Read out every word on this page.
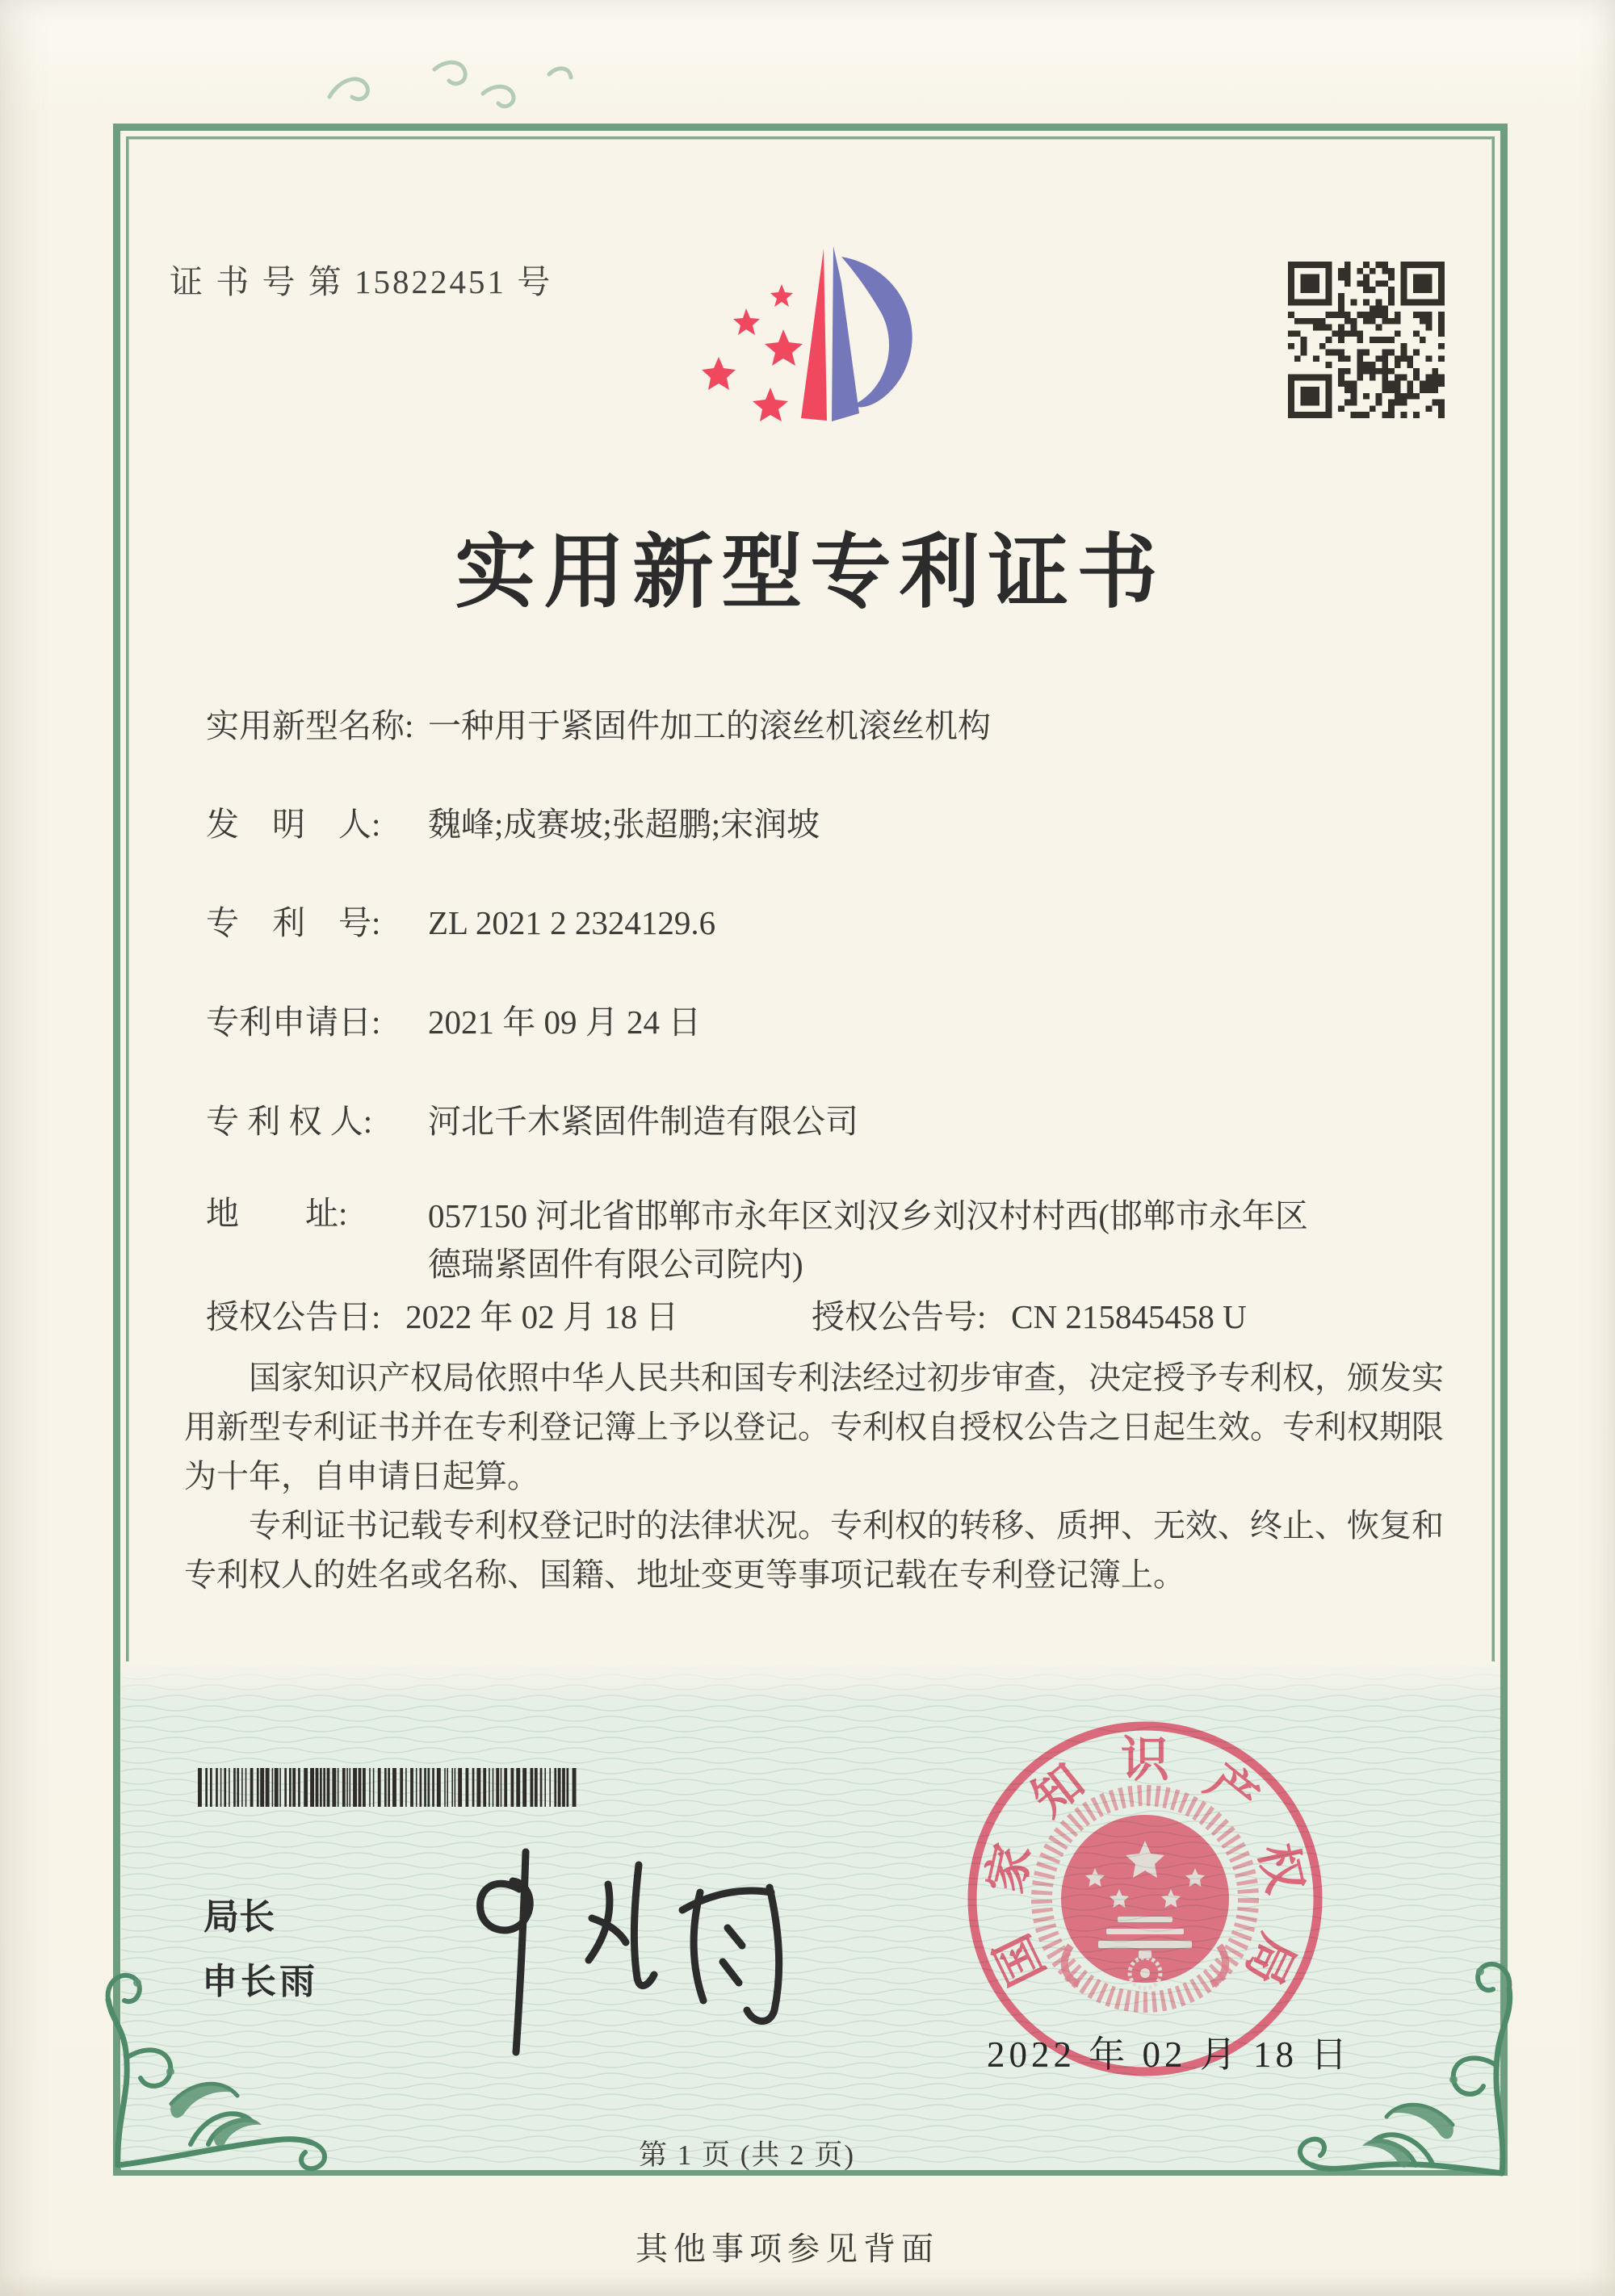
证 书 号 第 15822451 号
实用新型专利证书
实用新型名称: 一种用于紧固件加工的滚丝机滚丝机构
发　明　人:	魏峰;成赛坡;张超鹏;宋润坡
专　利　号:	ZL 2021 2 2324129.6
专利申请日:	2021 年 09 月 24 日
专 利 权 人:	河北千木紧固件制造有限公司
地　　址:	057150 河北省邯郸市永年区刘汉乡刘汉村村西(邯郸市永年区德瑞紧固件有限公司院内)
授权公告日: 2022 年 02 月 18 日	授权公告号: CN 215845458 U

国家知识产权局依照中华人民共和国专利法经过初步审查，决定授予专利权，颁发实用新型专利证书并在专利登记簿上予以登记。专利权自授权公告之日起生效。专利权期限为十年，自申请日起算。

专利证书记载专利权登记时的法律状况。专利权的转移、质押、无效、终止、恢复和专利权人的姓名或名称、国籍、地址变更等事项记载在专利登记簿上。

局长
申长雨	国
家
知 识 产
权
局
2022 年 02 月 18 日
第 1 页 (共 2 页)
其他事项参见背面
